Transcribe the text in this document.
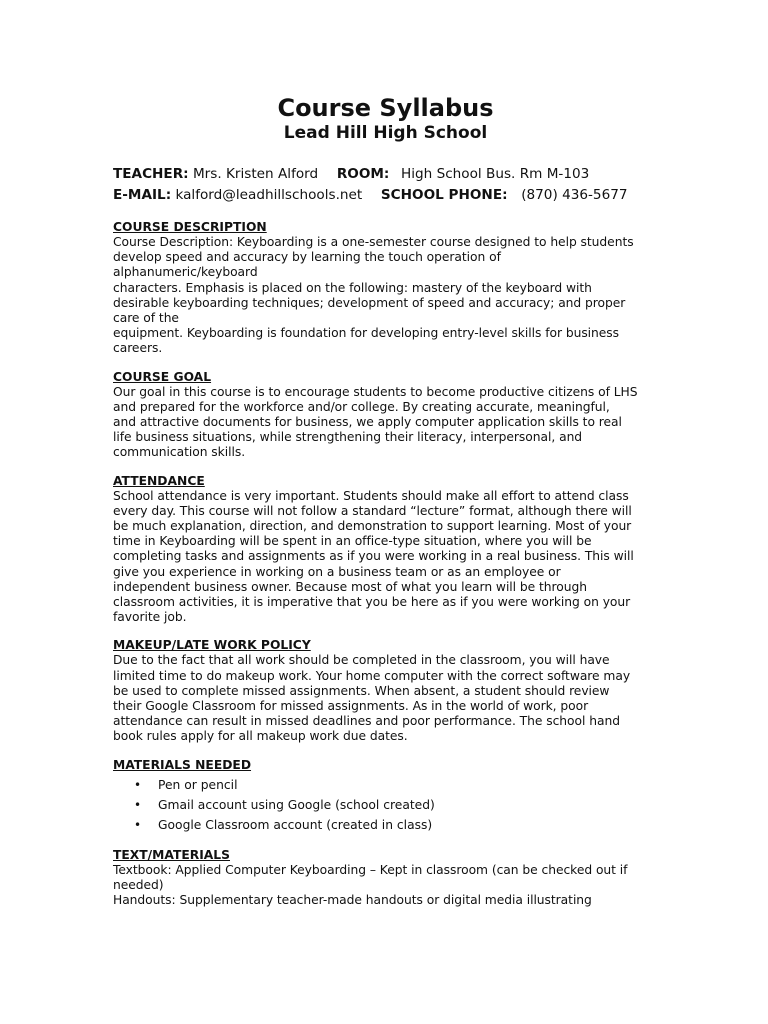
Course Syllabus
Lead Hill High School
TEACHER: Mrs. Kristen Alford ROOM: High School Bus. Rm M-103
E-MAIL: kalford@leadhillschools.net SCHOOL PHONE: (870) 436-5677
COURSE DESCRIPTION
Course Description: Keyboarding is a one-semester course designed to help students
develop speed and accuracy by learning the touch operation of
alphanumeric/keyboard
characters. Emphasis is placed on the following: mastery of the keyboard with
desirable keyboarding techniques; development of speed and accuracy; and proper
care of the
equipment. Keyboarding is foundation for developing entry-level skills for business
careers.
COURSE GOAL
Our goal in this course is to encourage students to become productive citizens of LHS
and prepared for the workforce and/or college. By creating accurate, meaningful,
and attractive documents for business, we apply computer application skills to real
life business situations, while strengthening their literacy, interpersonal, and
communication skills.
ATTENDANCE
School attendance is very important. Students should make all effort to attend class
every day. This course will not follow a standard “lecture” format, although there will
be much explanation, direction, and demonstration to support learning. Most of your
time in Keyboarding will be spent in an office-type situation, where you will be
completing tasks and assignments as if you were working in a real business. This will
give you experience in working on a business team or as an employee or
independent business owner. Because most of what you learn will be through
classroom activities, it is imperative that you be here as if you were working on your
favorite job.
MAKEUP/LATE WORK POLICY
Due to the fact that all work should be completed in the classroom, you will have
limited time to do makeup work. Your home computer with the correct software may
be used to complete missed assignments. When absent, a student should review
their Google Classroom for missed assignments. As in the world of work, poor
attendance can result in missed deadlines and poor performance. The school hand
book rules apply for all makeup work due dates.
MATERIALS NEEDED
• Pen or pencil
• Gmail account using Google (school created)
• Google Classroom account (created in class)
TEXT/MATERIALS
Textbook: Applied Computer Keyboarding – Kept in classroom (can be checked out if
needed)
Handouts: Supplementary teacher-made handouts or digital media illustrating
